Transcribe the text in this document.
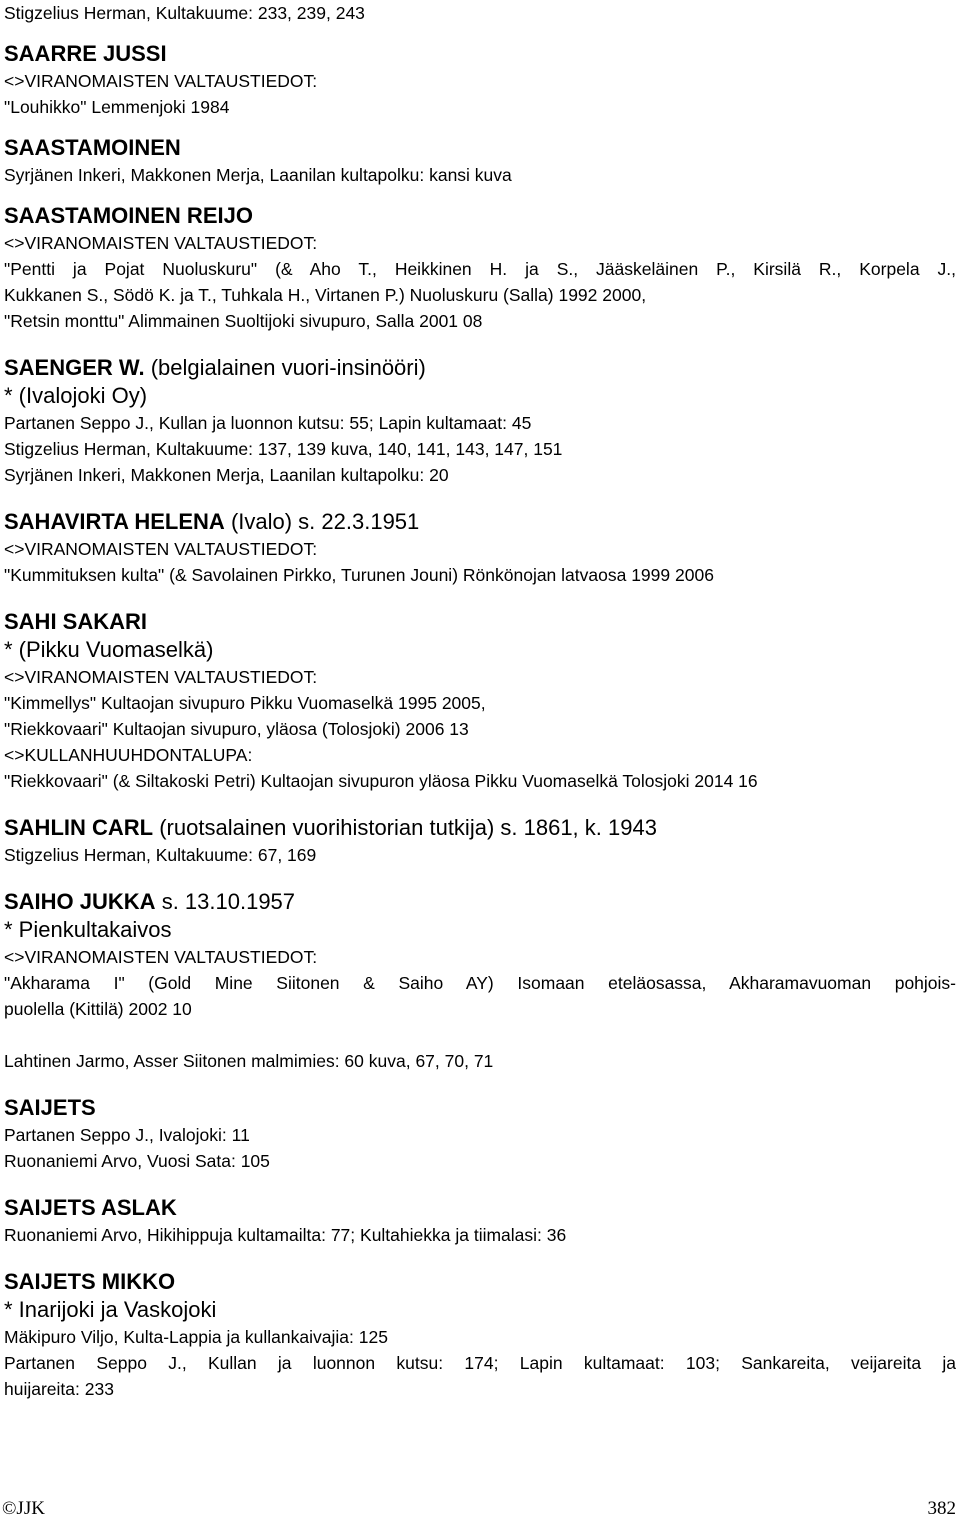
Stigzelius Herman, Kultakuume: 233, 239, 243
SAARRE JUSSI
<>VIRANOMAISTEN VALTAUSTIEDOT:
"Louhikko" Lemmenjoki 1984
SAASTAMOINEN
Syrjänen Inkeri, Makkonen Merja, Laanilan kultapolku: kansi kuva
SAASTAMOINEN REIJO
<>VIRANOMAISTEN VALTAUSTIEDOT:
"Pentti ja Pojat Nuoluskuru" (& Aho T., Heikkinen H. ja S., Jääskeläinen P., Kirsilä R., Korpela J.,
Kukkanen S., Södö K. ja T., Tuhkala H., Virtanen P.) Nuoluskuru (Salla) 1992 2000,
"Retsin monttu" Alimmainen Suoltijoki sivupuro, Salla 2001 08
SAENGER W. (belgialainen vuori-insinööri)
* (Ivalojoki Oy)
Partanen Seppo J., Kullan ja luonnon kutsu: 55; Lapin kultamaat: 45
Stigzelius Herman, Kultakuume: 137, 139 kuva, 140, 141, 143, 147, 151
Syrjänen Inkeri, Makkonen Merja, Laanilan kultapolku: 20
SAHAVIRTA HELENA (Ivalo) s. 22.3.1951
<>VIRANOMAISTEN VALTAUSTIEDOT:
"Kummituksen kulta" (& Savolainen Pirkko, Turunen Jouni) Rönkönojan latvaosa 1999 2006
SAHI SAKARI
* (Pikku Vuomaselkä)
<>VIRANOMAISTEN VALTAUSTIEDOT:
"Kimmellys" Kultaojan sivupuro Pikku Vuomaselkä 1995 2005,
"Riekkovaari" Kultaojan sivupuro, yläosa (Tolosjoki) 2006 13
<>KULLANHUUHDONTALUPA:
"Riekkovaari" (& Siltakoski Petri) Kultaojan sivupuron yläosa Pikku Vuomaselkä Tolosjoki 2014 16
SAHLIN CARL (ruotsalainen vuorihistorian tutkija) s. 1861, k. 1943
Stigzelius Herman, Kultakuume: 67, 169
SAIHO JUKKA s. 13.10.1957
* Pienkultakaivos
<>VIRANOMAISTEN VALTAUSTIEDOT:
"Akharama I" (Gold Mine Siitonen & Saiho AY) Isomaan eteläosassa, Akharamavuoman pohjois-
puolella (Kittilä) 2002 10

Lahtinen Jarmo, Asser Siitonen malmimies: 60 kuva, 67, 70, 71
SAIJETS
Partanen Seppo J., Ivalojoki: 11
Ruonaniemi Arvo, Vuosi Sata: 105
SAIJETS ASLAK
Ruonaniemi Arvo, Hikihippuja kultamailta: 77; Kultahiekka ja tiimalasi: 36
SAIJETS MIKKO
* Inarijoki ja Vaskojoki
Mäkipuro Viljo, Kulta-Lappia ja kullankaivajia: 125
Partanen Seppo J., Kullan ja luonnon kutsu: 174; Lapin kultamaat: 103; Sankareita, veijareita ja
huijareita: 233
©JJK	382
